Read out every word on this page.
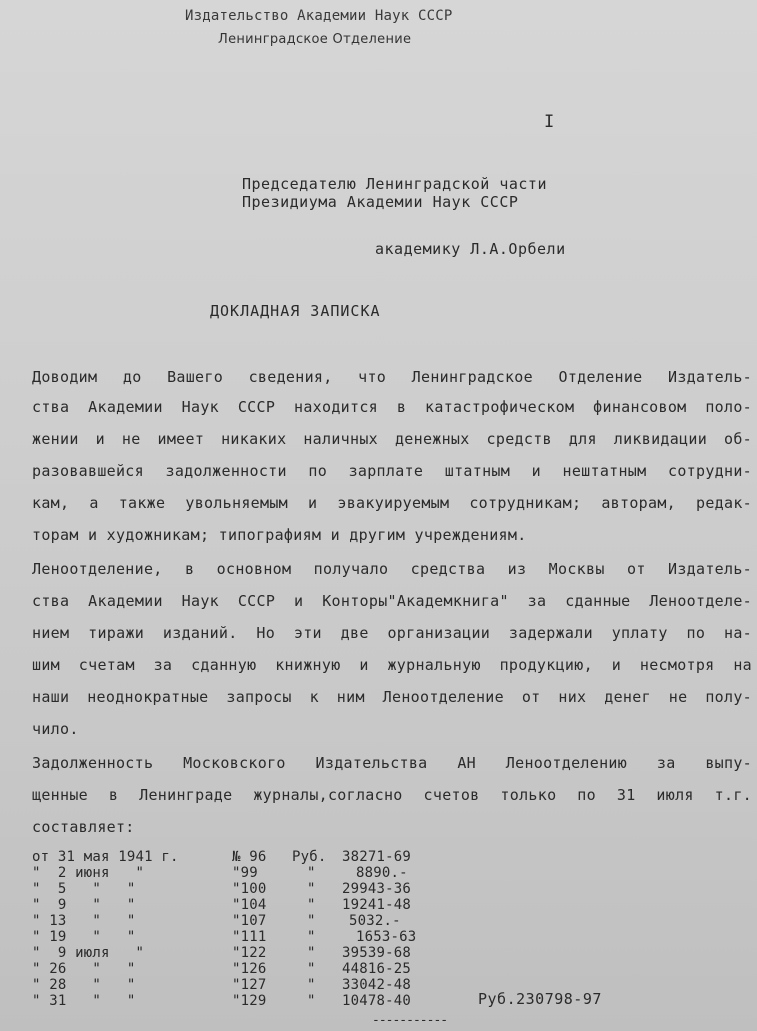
Издательство Академии Наук СССР
Ленинградское Отделение
I
Председателю Ленинградской части
Президиума Академии Наук СССР
академику Л.А.Орбели
ДОКЛАДНАЯ ЗАПИСКА
Доводим до Вашего сведения, что Ленинградское Отделение Издатель-
ства Академии Наук СССР находится в катастрофическом финансовом поло-
жении и не имеет никаких наличных денежных средств для ликвидации об-
разовавшейся задолженности по зарплате штатным и нештатным сотрудни-
кам, а также увольняемым и эвакуируемым сотрудникам; авторам, редак-
торам и художникам; типографиям и другим учреждениям.
Леноотделение, в основном получало средства из Москвы от Издатель-
ства Академии Наук СССР и Конторы"Академкнига" за сданные Леноотделе-
нием тиражи изданий. Но эти две организации задержали уплату по на-
шим счетам за сданную книжную и журнальную продукцию, и несмотря на
наши неоднократные запросы к ним Леноотделение от них денег не полу-
чило.
Задолженность Московского Издательства АН Леноотделению за выпу-
щенные в Ленинграде журналы,согласно счетов только по 31 июля т.г.
составляет:
от 31 мая 1941 г.	№ 96 Руб. 38271-69
"  2 июня   "	"99	"	8890.-
"  5   "   "	"100	" 29943-36
"  9   "   "	"104	" 19241-48
" 13   "   "	"107	" 5032.-
" 19   "   "	"111	"	1653-63
"  9 июля   "	"122	" 39539-68
" 26   "   "	"126	" 44816-25
" 28   "   "	"127	" 33042-48
" 31   "   "	"129	" 10478-40	Руб.230798-97
-----------
